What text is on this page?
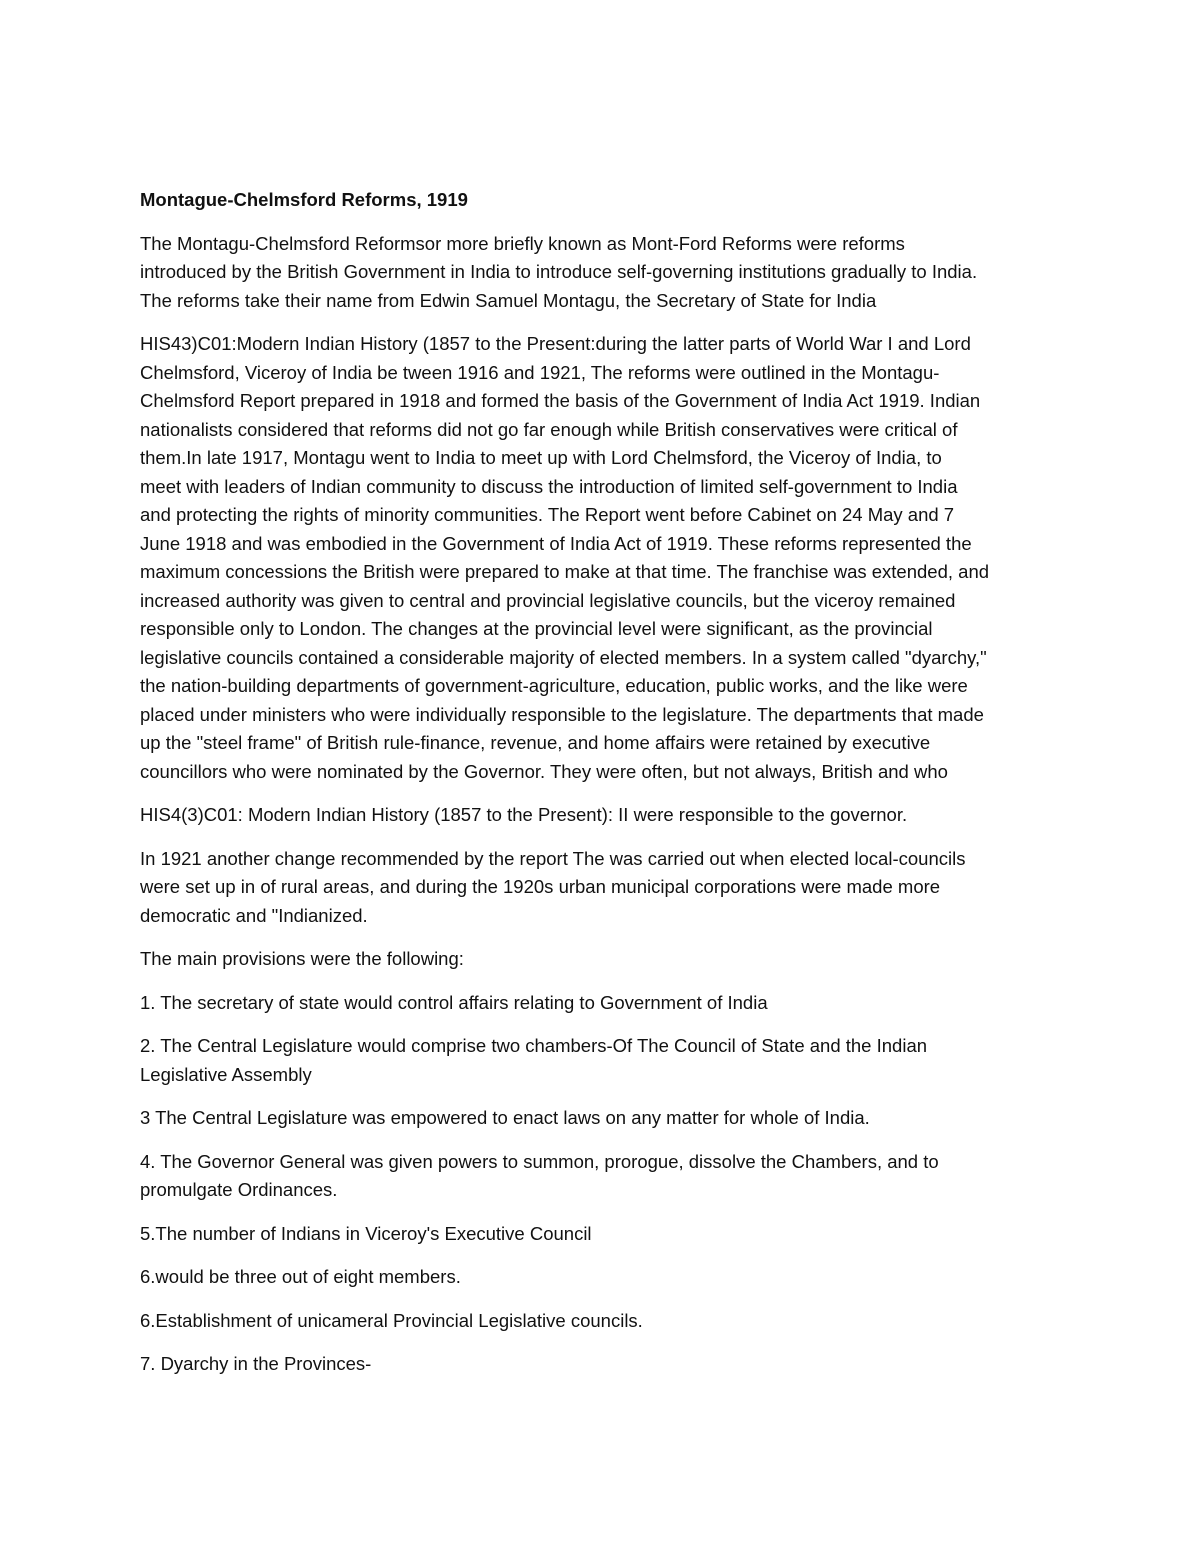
Montague-Chelmsford Reforms, 1919
The Montagu-Chelmsford Reformsor more briefly known as Mont-Ford Reforms were reforms
introduced by the British Government in India to introduce self-governing institutions gradually to India.
The reforms take their name from Edwin Samuel Montagu, the Secretary of State for India
HIS43)C01:Modern Indian History (1857 to the Present:during the latter parts of World War I and Lord
Chelmsford, Viceroy of India be tween 1916 and 1921, The reforms were outlined in the Montagu-
Chelmsford Report prepared in 1918 and formed the basis of the Government of India Act 1919. Indian
nationalists considered that reforms did not go far enough while British conservatives were critical of
them.In late 1917, Montagu went to India to meet up with Lord Chelmsford, the Viceroy of India, to
meet with leaders of Indian community to discuss the introduction of limited self-government to India
and protecting the rights of minority communities. The Report went before Cabinet on 24 May and 7
June 1918 and was embodied in the Government of India Act of 1919. These reforms represented the
maximum concessions the British were prepared to make at that time. The franchise was extended, and
increased authority was given to central and provincial legislative councils, but the viceroy remained
responsible only to London. The changes at the provincial level were significant, as the provincial
legislative councils contained a considerable majority of elected members. In a system called "dyarchy,"
the nation-building departments of government-agriculture, education, public works, and the like were
placed under ministers who were individually responsible to the legislature. The departments that made
up the "steel frame" of British rule-finance, revenue, and home affairs were retained by executive
councillors who were nominated by the Governor. They were often, but not always, British and who
HIS4(3)C01: Modern Indian History (1857 to the Present): II were responsible to the governor.
In 1921 another change recommended by the report The was carried out when elected local-councils
were set up in of rural areas, and during the 1920s urban municipal corporations were made more
democratic and "Indianized.
The main provisions were the following:
1. The secretary of state would control affairs relating to Government of India
2. The Central Legislature would comprise two chambers-Of The Council of State and the Indian
Legislative Assembly
3 The Central Legislature was empowered to enact laws on any matter for whole of India.
4. The Governor General was given powers to summon, prorogue, dissolve the Chambers, and to
promulgate Ordinances.
5.The number of Indians in Viceroy's Executive Council
6.would be three out of eight members.
6.Establishment of unicameral Provincial Legislative councils.
7. Dyarchy in the Provinces-
